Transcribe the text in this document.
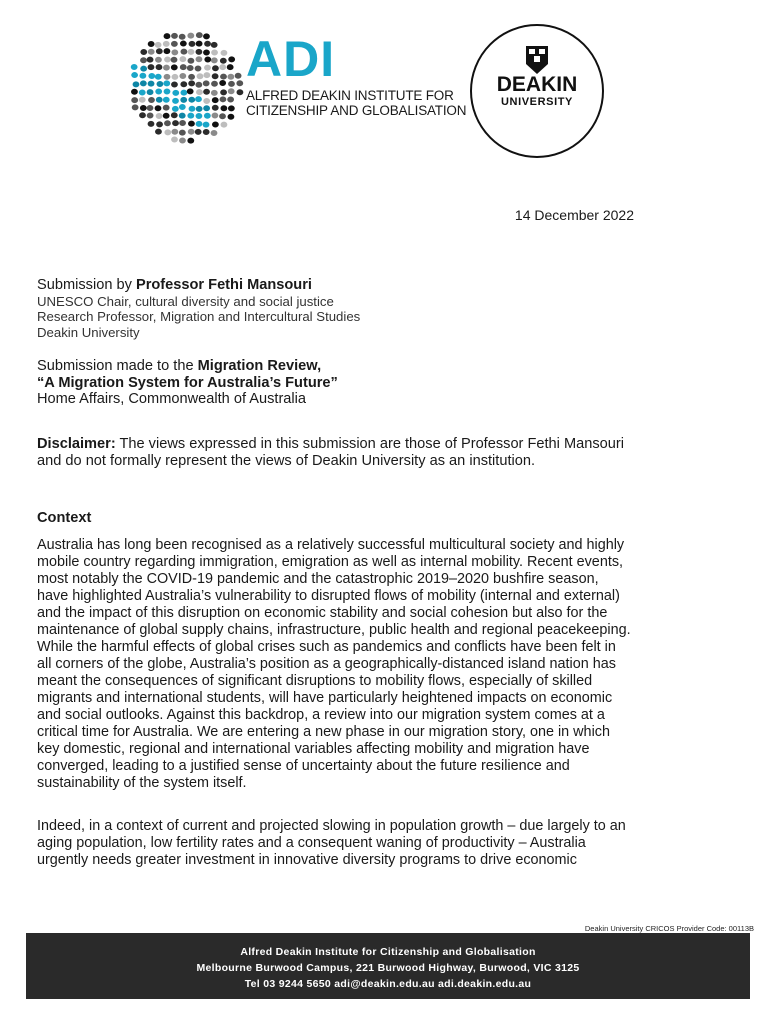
ADI
ALFRED DEAKIN INSTITUTE FOR
CITIZENSHIP AND GLOBALISATION
DEAKIN
UNIVERSITY
14 December 2022
Submission by Professor Fethi Mansouri
UNESCO Chair, cultural diversity and social justice
Research Professor, Migration and Intercultural Studies
Deakin University
Submission made to the Migration Review,
“A Migration System for Australia’s Future”
Home Affairs, Commonwealth of Australia
Disclaimer: The views expressed in this submission are those of Professor Fethi Mansouri
and do not formally represent the views of Deakin University as an institution.
Context
Australia has long been recognised as a relatively successful multicultural society and highly
mobile country regarding immigration, emigration as well as internal mobility. Recent events,
most notably the COVID-19 pandemic and the catastrophic 2019–2020 bushfire season,
have highlighted Australia’s vulnerability to disrupted flows of mobility (internal and external)
and the impact of this disruption on economic stability and social cohesion but also for the
maintenance of global supply chains, infrastructure, public health and regional peacekeeping.
While the harmful effects of global crises such as pandemics and conflicts have been felt in
all corners of the globe, Australia’s position as a geographically-distanced island nation has
meant the consequences of significant disruptions to mobility flows, especially of skilled
migrants and international students, will have particularly heightened impacts on economic
and social outlooks. Against this backdrop, a review into our migration system comes at a
critical time for Australia. We are entering a new phase in our migration story, one in which
key domestic, regional and international variables affecting mobility and migration have
converged, leading to a justified sense of uncertainty about the future resilience and
sustainability of the system itself.
Indeed, in a context of current and projected slowing in population growth – due largely to an
aging population, low fertility rates and a consequent waning of productivity – Australia
urgently needs greater investment in innovative diversity programs to drive economic
Deakin University CRICOS Provider Code: 00113B
Alfred Deakin Institute for Citizenship and Globalisation
Melbourne Burwood Campus, 221 Burwood Highway, Burwood, VIC 3125
Tel 03 9244 5650 adi@deakin.edu.au adi.deakin.edu.au
